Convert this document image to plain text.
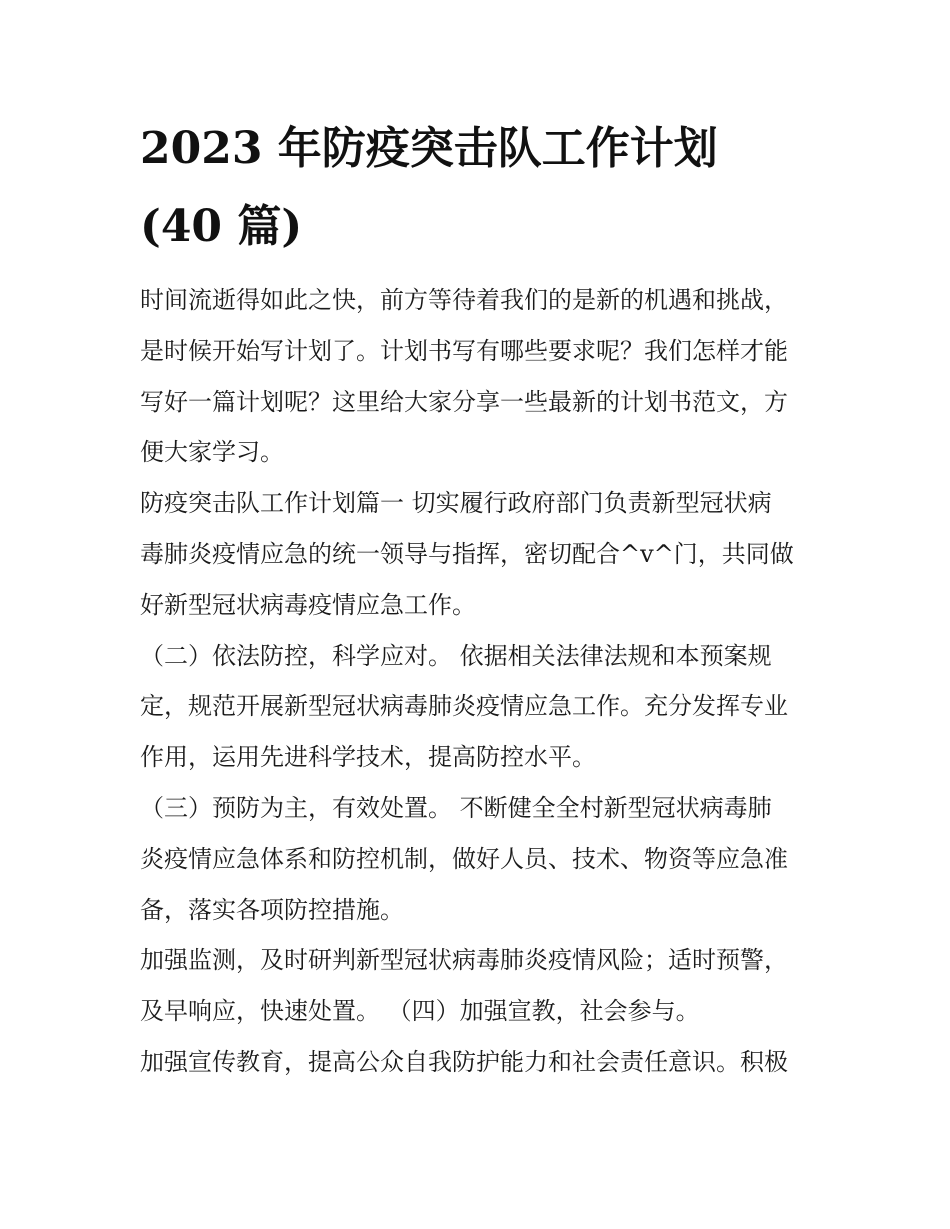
2023 年防疫突击队工作计划
(40 篇)
时间流逝得如此之快，前方等待着我们的是新的机遇和挑战，
是时候开始写计划了。计划书写有哪些要求呢？我们怎样才能
写好一篇计划呢？这里给大家分享一些最新的计划书范文，方
便大家学习。
防疫突击队工作计划篇一 切实履行政府部门负责新型冠状病
毒肺炎疫情应急的统一领导与指挥，密切配合^v^门，共同做
好新型冠状病毒疫情应急工作。
（二）依法防控，科学应对。 依据相关法律法规和本预案规
定，规范开展新型冠状病毒肺炎疫情应急工作。充分发挥专业
作用，运用先进科学技术，提高防控水平。
（三）预防为主，有效处置。 不断健全全村新型冠状病毒肺
炎疫情应急体系和防控机制，做好人员、技术、物资等应急准
备，落实各项防控措施。
加强监测，及时研判新型冠状病毒肺炎疫情风险；适时预警，
及早响应，快速处置。 （四）加强宣教，社会参与。
加强宣传教育，提高公众自我防护能力和社会责任意识。积极
